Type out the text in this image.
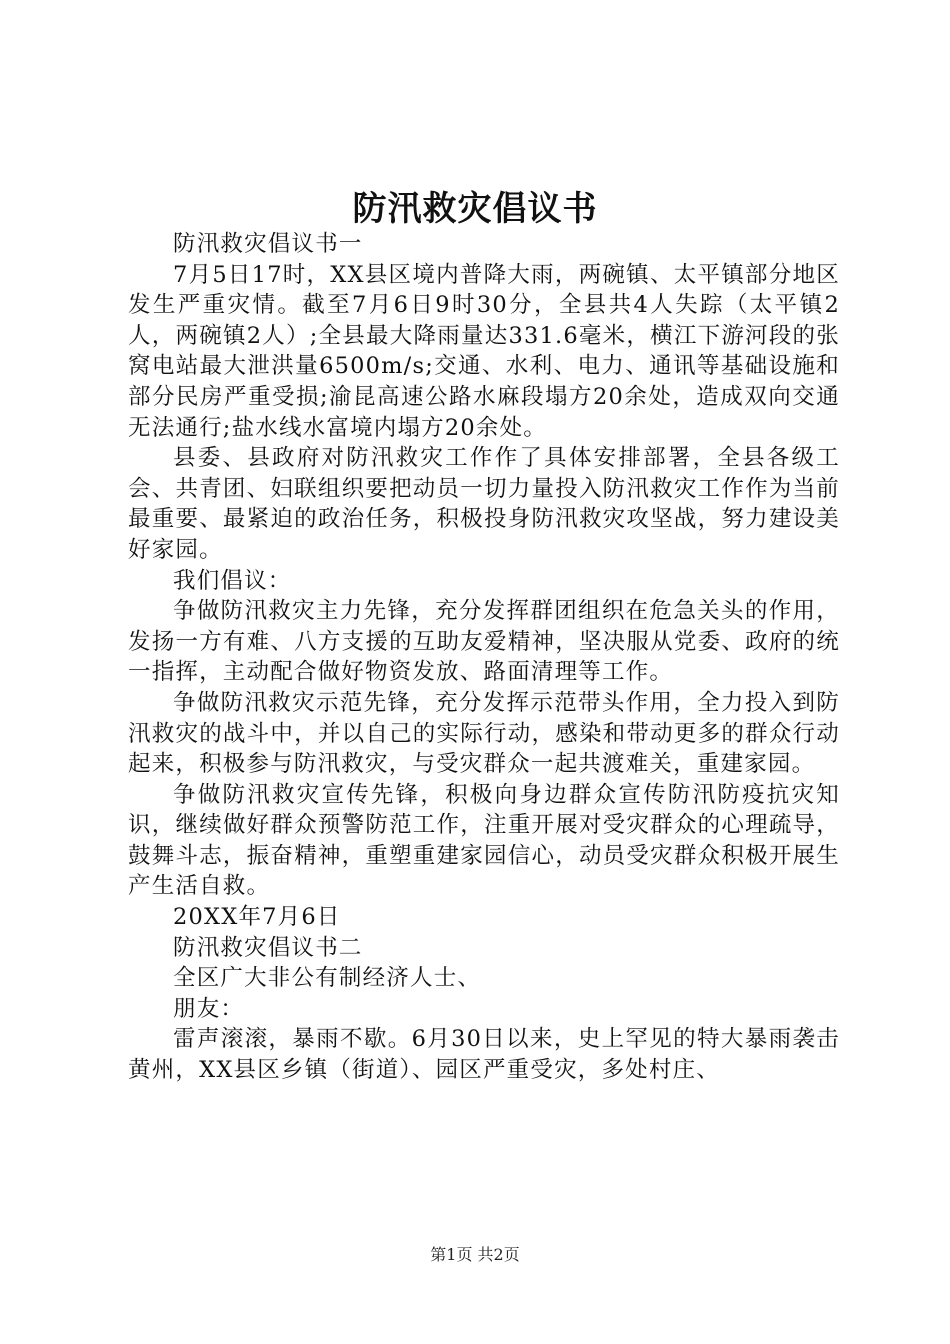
防汛救灾倡议书

防汛救灾倡议书一

7月5日17时，XX县区境内普降大雨，两碗镇、太平镇部分地区发生严重灾情。截至7月6日9时30分，全县共4人失踪（太平镇2人，两碗镇2人）;全县最大降雨量达331.6毫米，横江下游河段的张窝电站最大泄洪量6500m/s;交通、水利、电力、通讯等基础设施和部分民房严重受损;渝昆高速公路水麻段塌方20余处，造成双向交通无法通行;盐水线水富境内塌方20余处。

县委、县政府对防汛救灾工作作了具体安排部署，全县各级工会、共青团、妇联组织要把动员一切力量投入防汛救灾工作作为当前最重要、最紧迫的政治任务，积极投身防汛救灾攻坚战，努力建设美好家园。

我们倡议：

争做防汛救灾主力先锋，充分发挥群团组织在危急关头的作用，发扬一方有难、八方支援的互助友爱精神，坚决服从党委、政府的统一指挥，主动配合做好物资发放、路面清理等工作。

争做防汛救灾示范先锋，充分发挥示范带头作用，全力投入到防汛救灾的战斗中，并以自己的实际行动，感染和带动更多的群众行动起来，积极参与防汛救灾，与受灾群众一起共渡难关，重建家园。

争做防汛救灾宣传先锋，积极向身边群众宣传防汛防疫抗灾知识，继续做好群众预警防范工作，注重开展对受灾群众的心理疏导，鼓舞斗志，振奋精神，重塑重建家园信心，动员受灾群众积极开展生产生活自救。

20XX年7月6日

防汛救灾倡议书二

全区广大非公有制经济人士、

朋友：

雷声滚滚，暴雨不歇。6月30日以来，史上罕见的特大暴雨袭击黄州，XX县区乡镇（街道）、园区严重受灾，多处村庄、

第1页 共2页
